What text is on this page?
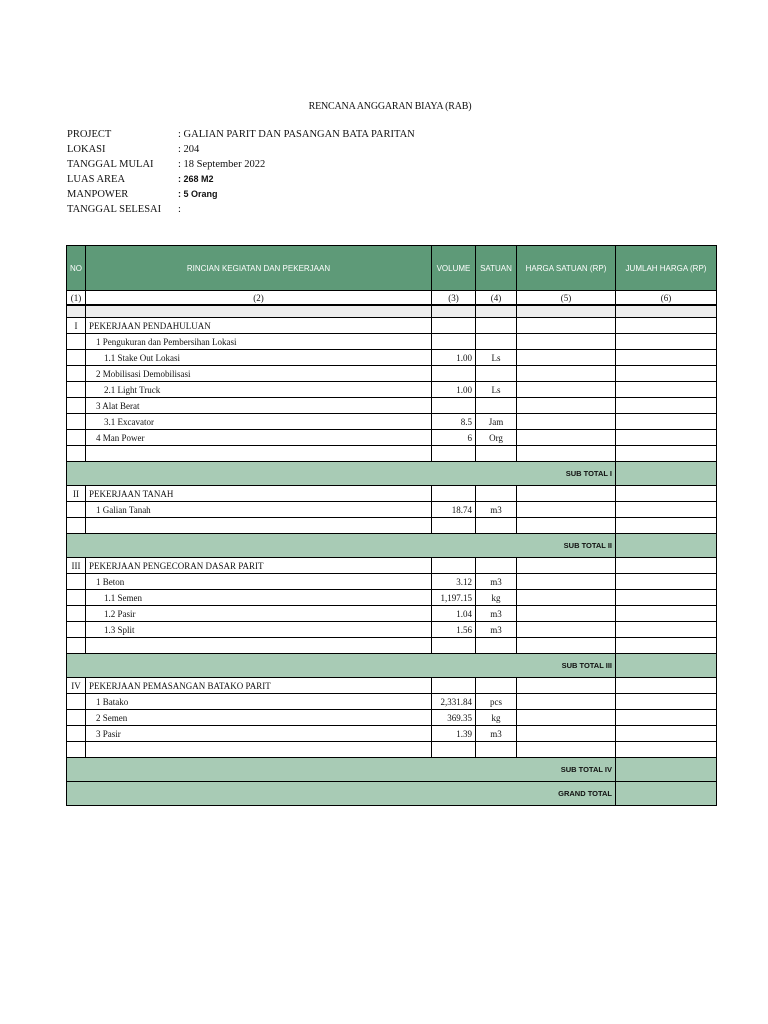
RENCANA ANGGARAN BIAYA (RAB)
PROJECT	: GALIAN PARIT DAN PASANGAN BATA PARITAN
LOKASI	: 204
TANGGAL MULAI	: 18 September 2022
LUAS AREA	: 268 M2
MANPOWER	: 5 Orang
TANGGAL SELESAI	:
NO	RINCIAN KEGIATAN DAN PEKERJAAN	VOLUME	SATUAN	HARGA SATUAN (RP)	JUMLAH HARGA (RP)
(1)	(2)	(3)	(4)	(5)	(6)

I	PEKERJAAN PENDAHULUAN				
	1 Pengukuran dan Pembersihan Lokasi				
	1.1 Stake Out Lokasi	1.00	Ls		
	2 Mobilisasi Demobilisasi				
	2.1 Light Truck	1.00	Ls		
	3 Alat Berat				
	3.1 Excavator	8.5	Jam		
	4 Man Power	6	Org		

SUB TOTAL I					
II	PEKERJAAN TANAH				
	1 Galian Tanah	18.74	m3		

SUB TOTAL II					
III	PEKERJAAN PENGECORAN DASAR PARIT				
	1 Beton	3.12	m3		
	1.1 Semen	1,197.15	kg		
	1.2 Pasir	1.04	m3		
	1.3 Split	1.56	m3		

SUB TOTAL III					
IV	PEKERJAAN PEMASANGAN BATAKO PARIT				
	1 Batako	2,331.84	pcs		
	2 Semen	369.35	kg		
	3 Pasir	1.39	m3		

SUB TOTAL IV					
GRAND TOTAL					
